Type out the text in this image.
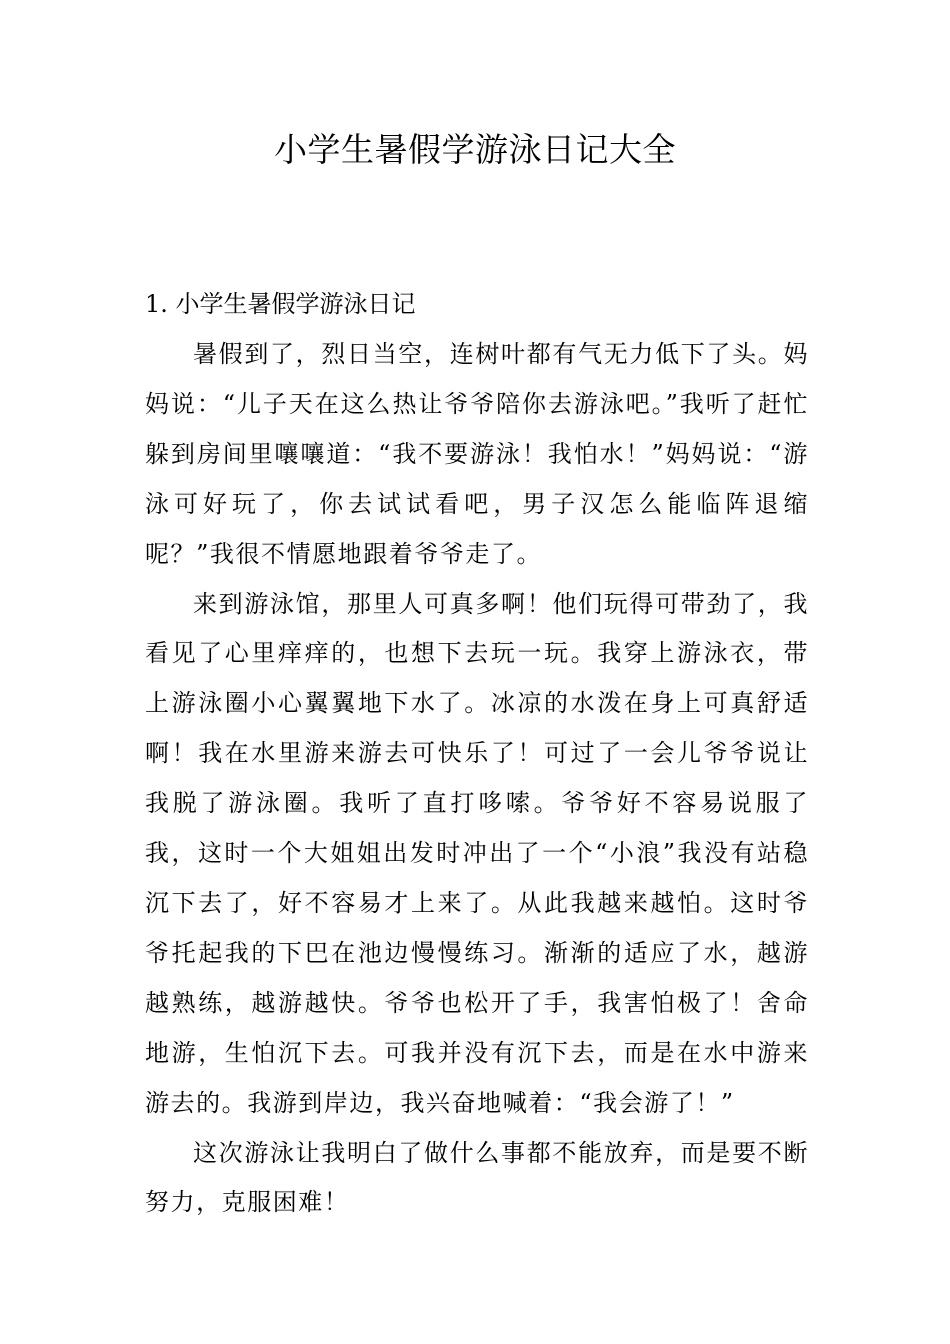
小学生暑假学游泳日记大全

1. 小学生暑假学游泳日记

暑假到了，烈日当空，连树叶都有气无力低下了头。妈妈说：“儿子天在这么热让爷爷陪你去游泳吧。”我听了赶忙躲到房间里嚷嚷道：“我不要游泳！我怕水！”妈妈说：“游泳可好玩了，你去试试看吧，男子汉怎么能临阵退缩呢？”我很不情愿地跟着爷爷走了。

来到游泳馆，那里人可真多啊！他们玩得可带劲了，我看见了心里痒痒的，也想下去玩一玩。我穿上游泳衣，带上游泳圈小心翼翼地下水了。冰凉的水泼在身上可真舒适啊！我在水里游来游去可快乐了！可过了一会儿爷爷说让我脱了游泳圈。我听了直打哆嗦。爷爷好不容易说服了我，这时一个大姐姐出发时冲出了一个“小浪”我没有站稳沉下去了，好不容易才上来了。从此我越来越怕。这时爷爷托起我的下巴在池边慢慢练习。渐渐的适应了水，越游越熟练，越游越快。爷爷也松开了手，我害怕极了！舍命地游，生怕沉下去。可我并没有沉下去，而是在水中游来游去的。我游到岸边，我兴奋地喊着：“我会游了！”

这次游泳让我明白了做什么事都不能放弃，而是要不断努力，克服困难！
